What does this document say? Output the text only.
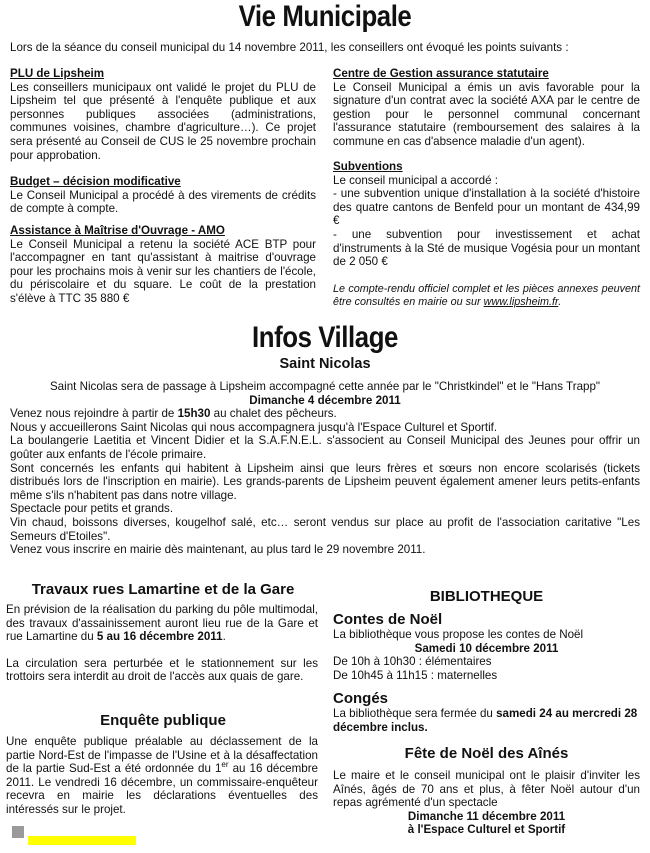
Vie Municipale
Lors de la séance du conseil municipal du 14 novembre 2011, les conseillers ont évoqué les points suivants :
PLU de Lipsheim

Les conseillers municipaux ont validé le projet du PLU de Lipsheim tel que présenté à l'enquête publique et aux personnes publiques associées (administrations, communes voisines, chambre d'agriculture…). Ce projet sera présenté au Conseil de CUS le 25 novembre prochain pour approbation.

Budget – décision modificative

Le Conseil Municipal a procédé à des virements de crédits de compte à compte.

Assistance à Maîtrise d'Ouvrage - AMO

Le Conseil Municipal a retenu la société ACE BTP pour l'accompagner en tant qu'assistant à maitrise d'ouvrage pour les prochains mois à venir sur les chantiers de l'école, du périscolaire et du square. Le coût de la prestation s'élève à TTC 35 880 €

Centre de Gestion assurance statutaire

Le Conseil Municipal a émis un avis favorable pour la signature d'un contrat avec la société AXA par le centre de gestion pour le personnel communal concernant l'assurance statutaire (remboursement des salaires à la commune en cas d'absence maladie d'un agent).

Subventions

Le conseil municipal a accordé :

- une subvention unique d'installation à la société d'histoire des quatre cantons de Benfeld pour un montant de 434,99 €
- une subvention pour investissement et achat d'instruments à la Sté de musique Vogésia pour un montant de 2 050 €
Le compte-rendu officiel complet et les pièces annexes peuvent être consultés en mairie ou sur www.lipsheim.fr.
Infos Village
Saint Nicolas

Saint Nicolas sera de passage à Lipsheim accompagné cette année par le "Christkindel" et le "Hans Trapp"

Dimanche 4 décembre 2011

Venez nous rejoindre à partir de 15h30 au chalet des pêcheurs.

Nous y accueillerons Saint Nicolas qui nous accompagnera jusqu'à l'Espace Culturel et Sportif.

La boulangerie Laetitia et Vincent Didier et la S.A.F.N.E.L. s'associent au Conseil Municipal des Jeunes pour offrir un goûter aux enfants de l'école primaire.

Sont concernés les enfants qui habitent à Lipsheim ainsi que leurs frères et sœurs non encore scolarisés (tickets distribués lors de l'inscription en mairie). Les grands-parents de Lipsheim peuvent également amener leurs petits-enfants même s'ils n'habitent pas dans notre village.

Spectacle pour petits et grands.

Vin chaud, boissons diverses, kougelhof salé, etc… seront vendus sur place au profit de l'association caritative "Les Semeurs d'Etoiles".

Venez vous inscrire en mairie dès maintenant, au plus tard le 29 novembre 2011.

Travaux rues Lamartine et de la Gare

En prévision de la réalisation du parking du pôle multimodal, des travaux d'assainissement auront lieu rue de la Gare et rue Lamartine du 5 au 16 décembre 2011.

La circulation sera perturbée et le stationnement sur les trottoirs sera interdit au droit de l'accès aux quais de gare.

Enquête publique

Une enquête publique préalable au déclassement de la partie Nord-Est de l'impasse de l'Usine et à la désaffectation de la partie Sud-Est a été ordonnée du 1er au 16 décembre 2011. Le vendredi 16 décembre, un commissaire-enquêteur recevra en mairie les déclarations éventuelles des intéressés sur le projet.

BIBLIOTHEQUE
Contes de Noël

La bibliothèque vous propose les contes de Noël

Samedi 10 décembre 2011

De 10h à 10h30 : élémentaires

De 10h45 à 11h15 : maternelles

Congés

La bibliothèque sera fermée du samedi 24 au mercredi 28 décembre inclus.

Fête de Noël des Aînés

Le maire et le conseil municipal ont le plaisir d'inviter les Aînés, âgés de 70 ans et plus, à fêter Noël autour d'un repas agrémenté d'un spectacle

Dimanche 11 décembre 2011

à l'Espace Culturel et Sportif
